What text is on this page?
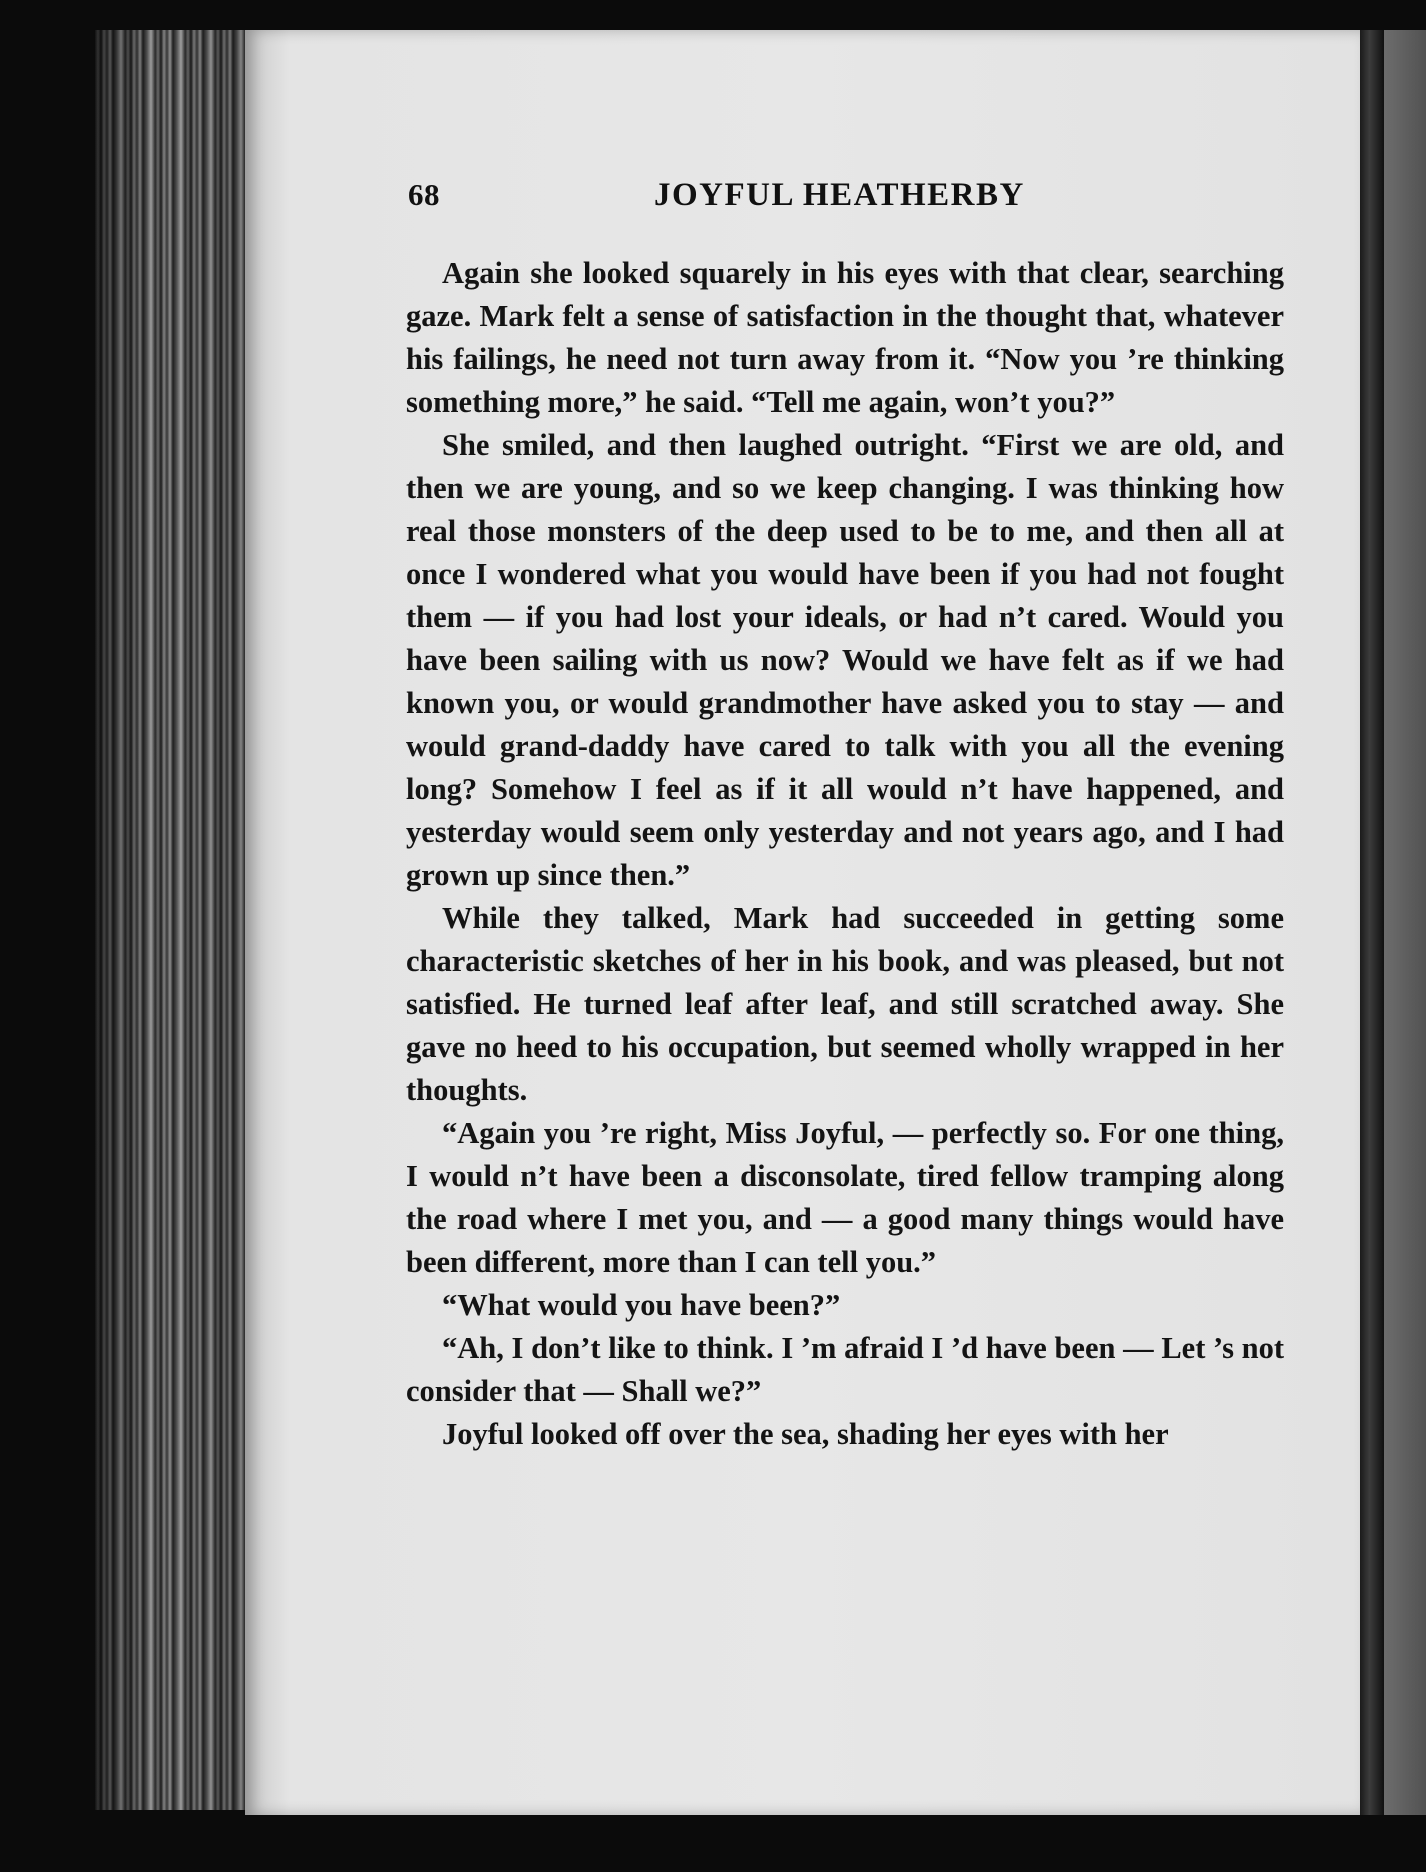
68	JOYFUL HEATHERBY

Again she looked squarely in his eyes with that clear, searching gaze. Mark felt a sense of satisfaction in the thought that, whatever his failings, he need not turn away from it. “Now you ’re thinking something more,” he said. “Tell me again, won’t you?”

She smiled, and then laughed outright. “First we are old, and then we are young, and so we keep changing. I was thinking how real those monsters of the deep used to be to me, and then all at once I wondered what you would have been if you had not fought them — if you had lost your ideals, or had n’t cared. Would you have been sailing with us now? Would we have felt as if we had known you, or would grandmother have asked you to stay — and would grand-daddy have cared to talk with you all the evening long? Somehow I feel as if it all would n’t have happened, and yesterday would seem only yesterday and not years ago, and I had grown up since then.”

While they talked, Mark had succeeded in getting some characteristic sketches of her in his book, and was pleased, but not satisfied. He turned leaf after leaf, and still scratched away. She gave no heed to his occupation, but seemed wholly wrapped in her thoughts.

“Again you ’re right, Miss Joyful, — perfectly so. For one thing, I would n’t have been a disconsolate, tired fellow tramping along the road where I met you, and — a good many things would have been different, more than I can tell you.”

“What would you have been?”

“Ah, I don’t like to think. I ’m afraid I ’d have been — Let ’s not consider that — Shall we?”

Joyful looked off over the sea, shading her eyes with her
